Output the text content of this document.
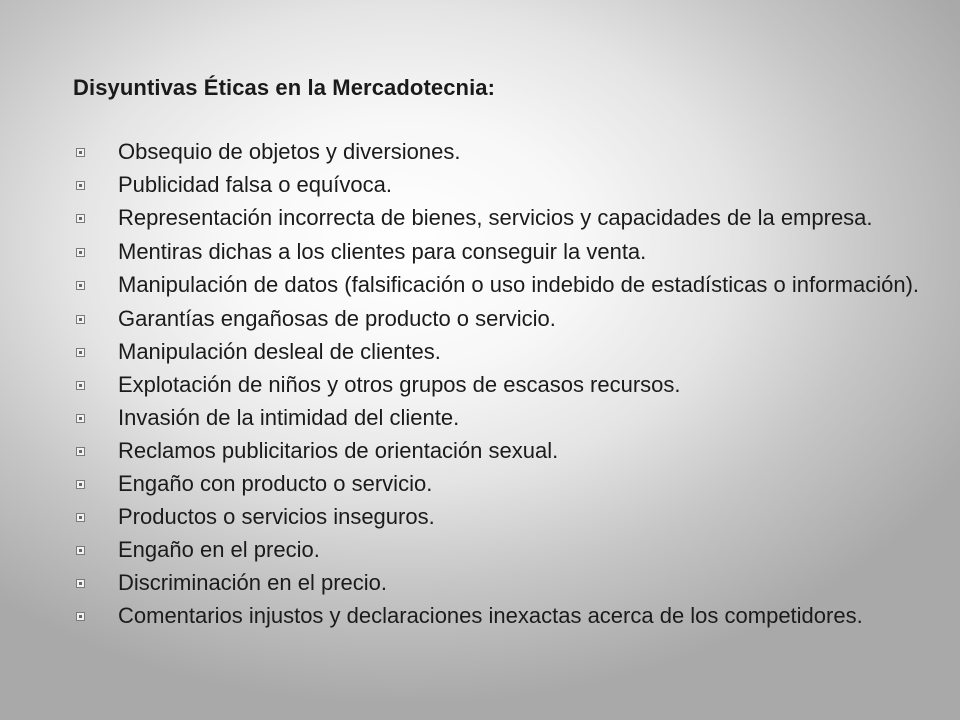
Disyuntivas Éticas en la Mercadotecnia:
Obsequio de objetos y diversiones.
Publicidad falsa o equívoca.
Representación incorrecta de bienes, servicios y capacidades de la empresa.
Mentiras dichas a los clientes para conseguir la venta.
Manipulación de datos (falsificación o uso indebido de estadísticas o información).
Garantías engañosas de producto o servicio.
Manipulación desleal de clientes.
Explotación de niños y otros grupos de escasos recursos.
Invasión de la intimidad del cliente.
Reclamos publicitarios de orientación sexual.
Engaño con producto o servicio.
Productos o servicios inseguros.
Engaño en el precio.
Discriminación en el precio.
Comentarios injustos y declaraciones inexactas acerca de los competidores.
